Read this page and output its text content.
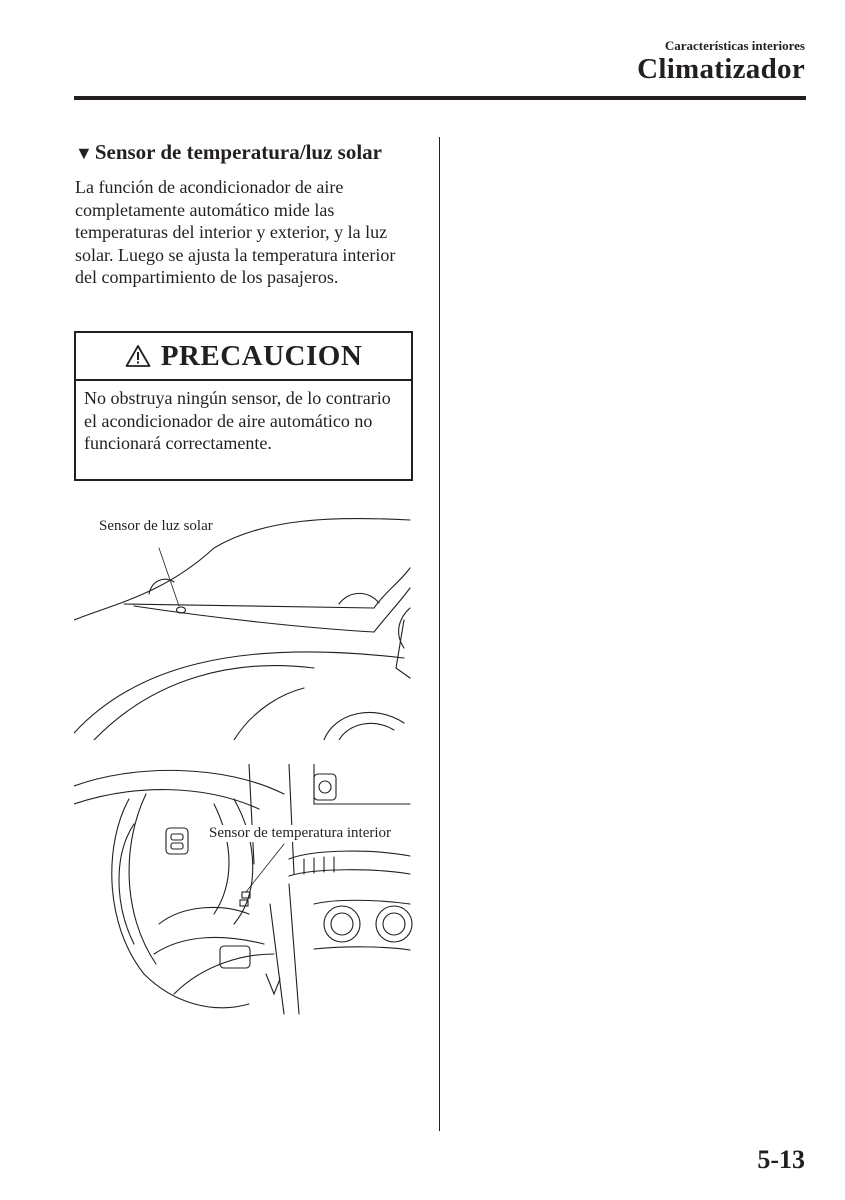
Características interiores
Climatizador
▼Sensor de temperatura/luz solar
La función de acondicionador de aire completamente automático mide las temperaturas del interior y exterior, y la luz solar. Luego se ajusta la temperatura interior del compartimiento de los pasajeros.
PRECAUCION
No obstruya ningún sensor, de lo contrario el acondicionador de aire automático no funcionará correctamente.
Sensor de luz solar
Sensor de temperatura interior
5-13
